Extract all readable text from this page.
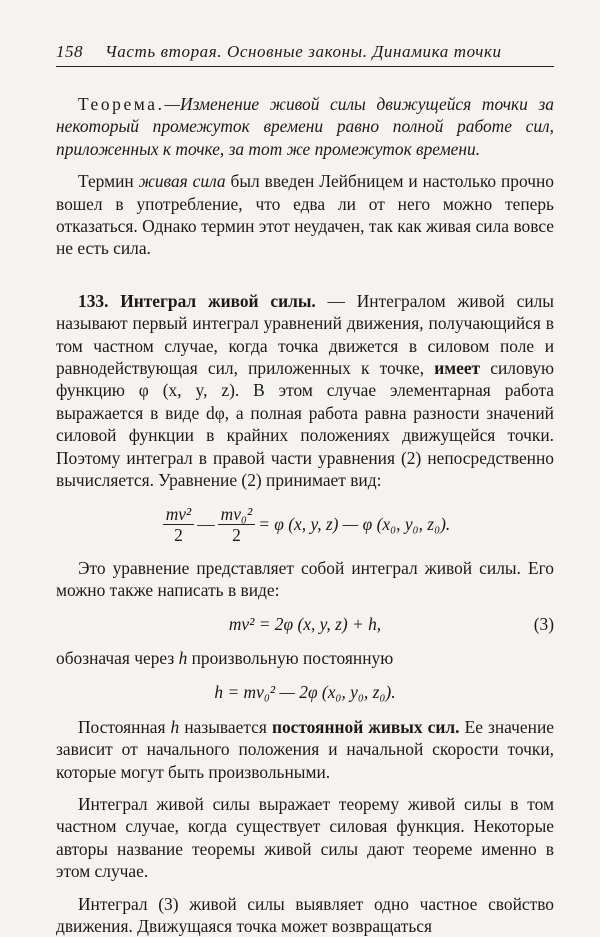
158 Часть вторая. Основные законы. Динамика точки

Теорема.—Изменение живой силы движущейся точки за некоторый промежуток времени равно полной работе сил, приложенных к точке, за тот же промежуток времени.

Термин живая сила был введен Лейбницем и настолько прочно вошел в употребление, что едва ли от него можно теперь отказаться. Однако термин этот неудачен, так как живая сила вовсе не есть сила.

133. Интеграл живой силы. — Интегралом живой силы называют первый интеграл уравнений движения, получающийся в том частном случае, когда точка движется в силовом поле и равнодействующая сил, приложенных к точке, имеет силовую функцию φ (x, y, z). В этом случае элементарная работа выражается в виде dφ, а полная работа равна разности значений силовой функции в крайних положениях движущейся точки. Поэтому интеграл в правой части уравнения (2) непосредственно вычисляется. Уравнение (2) принимает вид:

$\frac{\text{mv²}}{2}$ — $\frac{\text{mv₀²}}{2} = \varphi$ (x, y, z) — φ (x₀, y₀, z₀).

Это уравнение представляет собой интеграл живой силы. Его можно также написать в виде:

mv² = 2φ (x, y, z) + h,	(3)

обозначая через h произвольную постоянную

h = mv₀² — 2φ (x₀, y₀, z₀).

Постоянная h называется постоянной живых сил. Ее значение зависит от начального положения и начальной скорости точки, которые могут быть произвольными.

Интеграл живой силы выражает теорему живой силы в том частном случае, когда существует силовая функция. Некоторые авторы название теоремы живой силы дают теореме именно в этом случае.

Интеграл (3) живой силы выявляет одно частное свойство движения. Движущаяся точка может возвращаться
